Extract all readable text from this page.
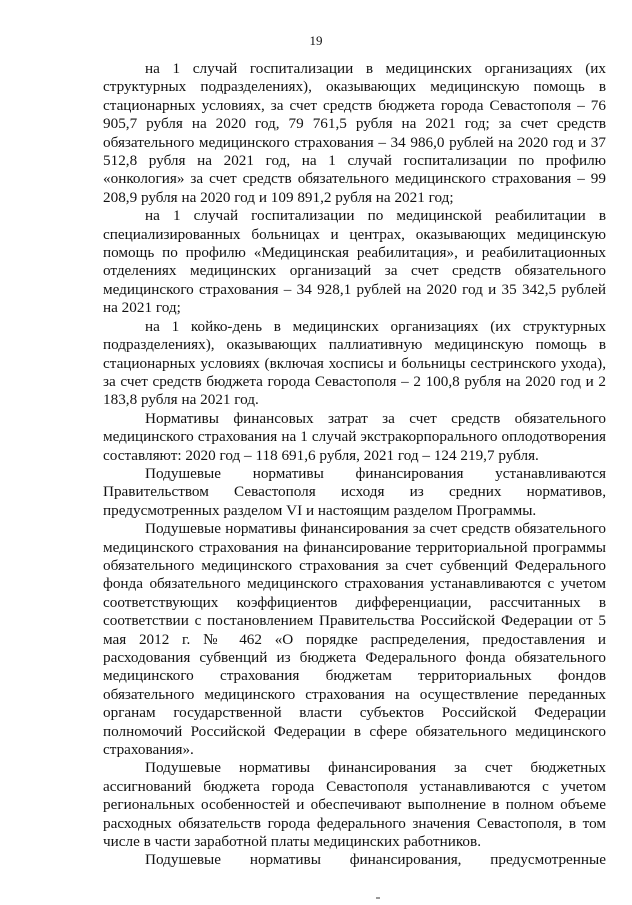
19

на 1 случай госпитализации в медицинских организациях (их структурных подразделениях), оказывающих медицинскую помощь в стационарных условиях, за счет средств бюджета города Севастополя – 76 905,7 рубля на 2020 год, 79 761,5 рубля на 2021 год; за счет средств обязательного медицинского страхования – 34 986,0 рублей на 2020 год и 37 512,8 рубля на 2021 год, на 1 случай госпитализации по профилю «онкология» за счет средств обязательного медицинского страхования – 99 208,9 рубля на 2020 год и 109 891,2 рубля на 2021 год;

на 1 случай госпитализации по медицинской реабилитации в специализированных больницах и центрах, оказывающих медицинскую помощь по профилю «Медицинская реабилитация», и реабилитационных отделениях медицинских организаций за счет средств обязательного медицинского страхования – 34 928,1 рублей на 2020 год и 35 342,5 рублей на 2021 год;

на 1 койко-день в медицинских организациях (их структурных подразделениях), оказывающих паллиативную медицинскую помощь в стационарных условиях (включая хосписы и больницы сестринского ухода), за счет средств бюджета города Севастополя – 2 100,8 рубля на 2020 год и 2 183,8 рубля на 2021 год.

Нормативы финансовых затрат за счет средств обязательного медицинского страхования на 1 случай экстракорпорального оплодотворения составляют: 2020 год – 118 691,6 рубля, 2021 год – 124 219,7 рубля.

Подушевые нормативы финансирования устанавливаются Правительством Севастополя исходя из средних нормативов, предусмотренных разделом VI и настоящим разделом Программы.

Подушевые нормативы финансирования за счет средств обязательного медицинского страхования на финансирование территориальной программы обязательного медицинского страхования за счет субвенций Федерального фонда обязательного медицинского страхования устанавливаются с учетом соответствующих коэффициентов дифференциации, рассчитанных в соответствии с постановлением Правительства Российской Федерации от 5 мая 2012 г. № 462 «О порядке распределения, предоставления и расходования субвенций из бюджета Федерального фонда обязательного медицинского страхования бюджетам территориальных фондов обязательного медицинского страхования на осуществление переданных органам государственной власти субъектов Российской Федерации полномочий Российской Федерации в сфере обязательного медицинского страхования».

Подушевые нормативы финансирования за счет бюджетных ассигнований бюджета города Севастополя устанавливаются с учетом региональных особенностей и обеспечивают выполнение в полном объеме расходных обязательств города федерального значения Севастополя, в том числе в части заработной платы медицинских работников.

Подушевые нормативы финансирования, предусмотренные
